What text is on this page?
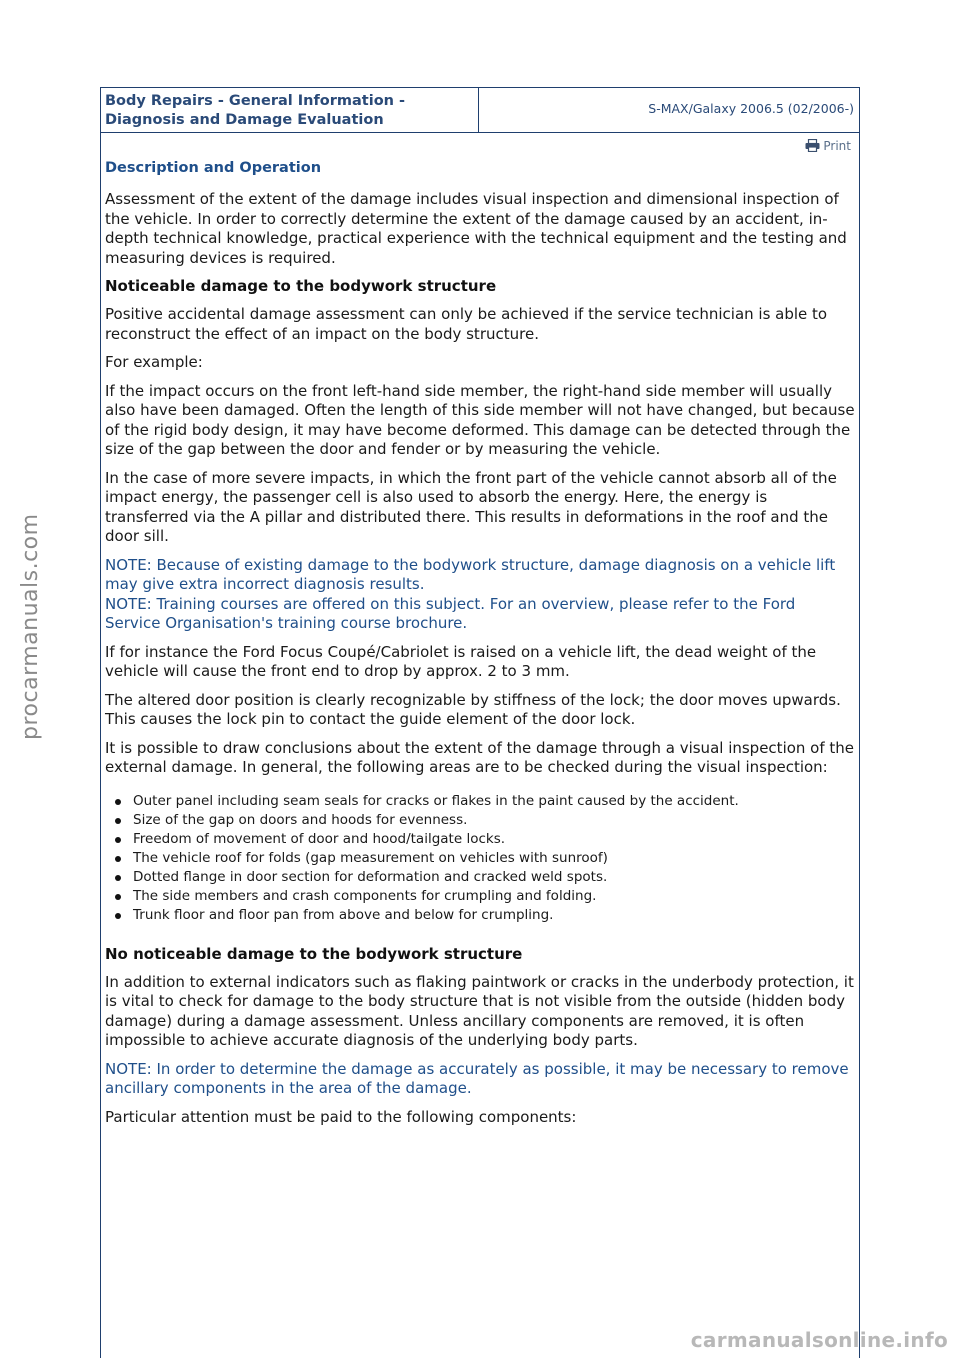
procarmanuals.com
Body Repairs - General Information -
Diagnosis and Damage Evaluation
S-MAX/Galaxy 2006.5 (02/2006-)
Print
Description and Operation

Assessment of the extent of the damage includes visual inspection and dimensional inspection of the vehicle. In order to correctly determine the extent of the damage caused by an accident, in-depth technical knowledge, practical experience with the technical equipment and the testing and measuring devices is required.

Noticeable damage to the bodywork structure

Positive accidental damage assessment can only be achieved if the service technician is able to reconstruct the effect of an impact on the body structure.

For example:

If the impact occurs on the front left-hand side member, the right-hand side member will usually also have been damaged. Often the length of this side member will not have changed, but because of the rigid body design, it may have become deformed. This damage can be detected through the size of the gap between the door and fender or by measuring the vehicle.

In the case of more severe impacts, in which the front part of the vehicle cannot absorb all of the impact energy, the passenger cell is also used to absorb the energy. Here, the energy is transferred via the A pillar and distributed there. This results in deformations in the roof and the door sill.

NOTE: Because of existing damage to the bodywork structure, damage diagnosis on a vehicle lift may give extra incorrect diagnosis results.

NOTE: Training courses are offered on this subject. For an overview, please refer to the Ford Service Organisation's training course brochure.

If for instance the Ford Focus Coupé/Cabriolet is raised on a vehicle lift, the dead weight of the vehicle will cause the front end to drop by approx. 2 to 3 mm.

The altered door position is clearly recognizable by stiffness of the lock; the door moves upwards. This causes the lock pin to contact the guide element of the door lock.

It is possible to draw conclusions about the extent of the damage through a visual inspection of the external damage. In general, the following areas are to be checked during the visual inspection:

Outer panel including seam seals for cracks or flakes in the paint caused by the accident.
Size of the gap on doors and hoods for evenness.
Freedom of movement of door and hood/tailgate locks.
The vehicle roof for folds (gap measurement on vehicles with sunroof)
Dotted flange in door section for deformation and cracked weld spots.
The side members and crash components for crumpling and folding.
Trunk floor and floor pan from above and below for crumpling.
No noticeable damage to the bodywork structure

In addition to external indicators such as flaking paintwork or cracks in the underbody protection, it is vital to check for damage to the body structure that is not visible from the outside (hidden body damage) during a damage assessment. Unless ancillary components are removed, it is often impossible to achieve accurate diagnosis of the underlying body parts.

NOTE: In order to determine the damage as accurately as possible, it may be necessary to remove ancillary components in the area of the damage.

Particular attention must be paid to the following components:

carmanualsonline.info
